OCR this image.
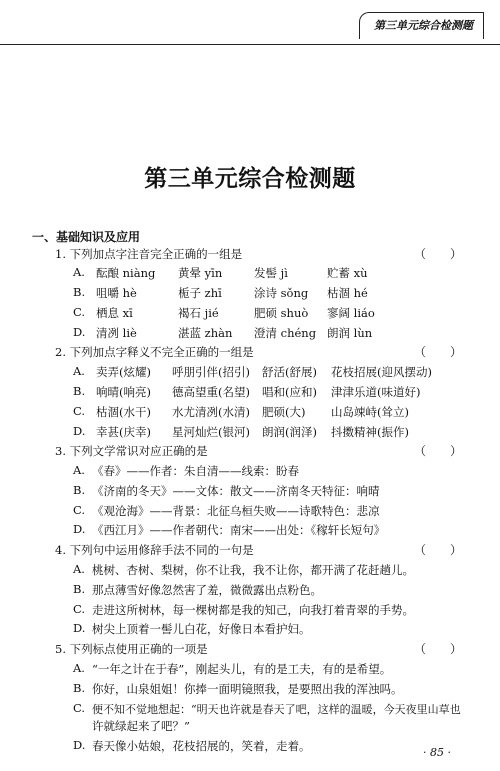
第三单元综合检测题
第三单元综合检测题
一、基础知识及应用
1. 下列加点字注音完全正确的一组是	（　　）
A. 酝酿 niàng 黄晕 yīn	发髻 jì	贮蓄 xù
B. 咀嚼 hè	栀子 zhī	涂诗 sǒng 枯涸 hé
C. 栖息 xī	褐石 jié	肥硕 shuò 寥阔 liáo
D. 清冽 liè	湛蓝 zhàn 澄清 chéng 朗润 lùn
2. 下列加点字释义不完全正确的一组是	（　　）
A. 卖弄(炫耀) 呼朋引伴(招引) 舒活(舒展) 花枝招展(迎风摆动)
B. 响晴(响亮) 德高望重(名望) 唱和(应和) 津津乐道(味道好)
C. 枯涸(水干) 水尤清冽(水清) 肥硕(大) 山岛竦峙(耸立)
D. 幸甚(庆幸) 星河灿烂(银河) 朗润(润泽) 抖擞精神(振作)
3. 下列文学常识对应正确的是	（　　）
A. 《春》——作者：朱自清——线索：盼春
B. 《济南的冬天》——文体：散文——济南冬天特征：响晴
C. 《观沧海》——背景：北征乌桓失败——诗歌特色：悲凉
D. 《西江月》——作者朝代：南宋——出处：《稼轩长短句》
4. 下列句中运用修辞手法不同的一句是	（　　）
A. 桃树、杏树、梨树，你不让我，我不让你，都开满了花赶趟儿。
B. 那点薄雪好像忽然害了羞，微微露出点粉色。
C. 走进这所树林，每一棵树都是我的知己，向我打着青翠的手势。
D. 树尖上顶着一髻儿白花，好像日本看护妇。
5. 下列标点使用正确的一项是	（　　）
A. “一年之计在于春”，刚起头儿，有的是工夫，有的是希望。
B. 你好，山泉姐姐！你捧一面明镜照我，是要照出我的浑浊吗。
C. 便不知不觉地想起：“明天也许就是春天了吧，这样的温暖，今天夜里山草也
许就绿起来了吧？”
D. 春天像小姑娘，花枝招展的，笑着，走着。	· 85 ·
